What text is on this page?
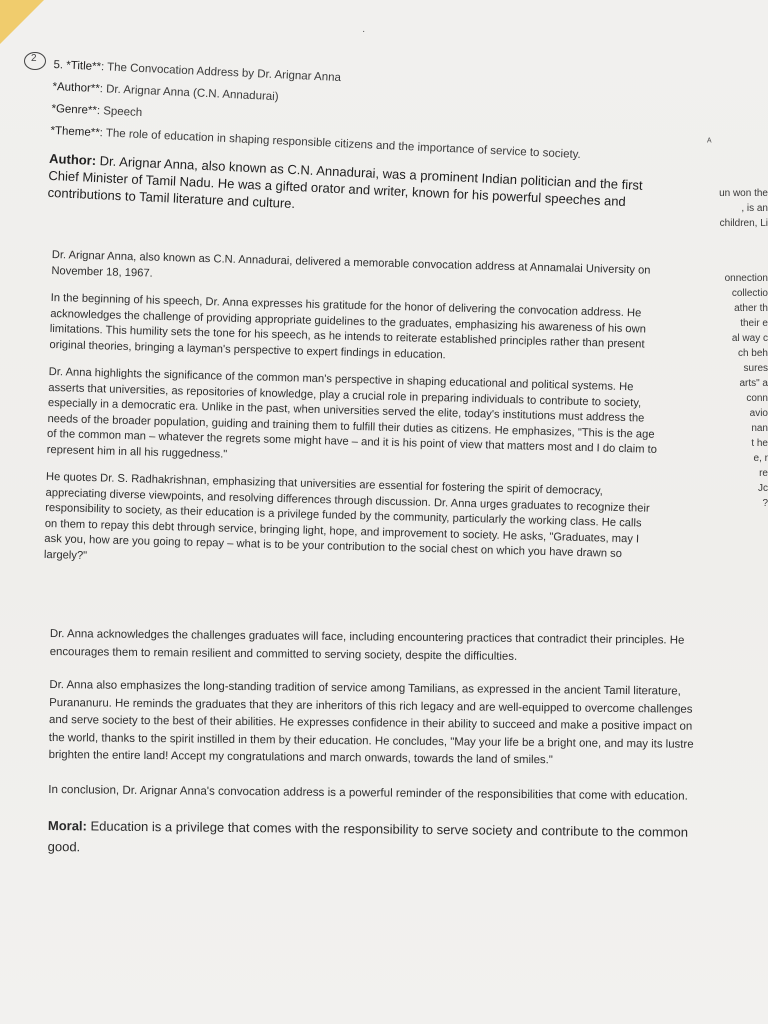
·
ᴬ
2

5. *Title**: The Convocation Address by Dr. Arignar Anna

*Author**: Dr. Arignar Anna (C.N. Annadurai)

*Genre**: Speech

*Theme**: The role of education in shaping responsible citizens and the importance of service to society.

Author: Dr. Arignar Anna, also known as C.N. Annadurai, was a prominent Indian politician and the first Chief Minister of Tamil Nadu. He was a gifted orator and writer, known for his powerful speeches and contributions to Tamil literature and culture.

Dr. Arignar Anna, also known as C.N. Annadurai, delivered a memorable convocation address at Annamalai University on November 18, 1967.

In the beginning of his speech, Dr. Anna expresses his gratitude for the honor of delivering the convocation address. He acknowledges the challenge of providing appropriate guidelines to the graduates, emphasizing his awareness of his own limitations. This humility sets the tone for his speech, as he intends to reiterate established principles rather than present original theories, bringing a layman's perspective to expert findings in education.

Dr. Anna highlights the significance of the common man's perspective in shaping educational and political systems. He asserts that universities, as repositories of knowledge, play a crucial role in preparing individuals to contribute to society, especially in a democratic era. Unlike in the past, when universities served the elite, today's institutions must address the needs of the broader population, guiding and training them to fulfill their duties as citizens. He emphasizes, "This is the age of the common man – whatever the regrets some might have – and it is his point of view that matters most and I do claim to represent him in all his ruggedness."

He quotes Dr. S. Radhakrishnan, emphasizing that universities are essential for fostering the spirit of democracy, appreciating diverse viewpoints, and resolving differences through discussion. Dr. Anna urges graduates to recognize their responsibility to society, as their education is a privilege funded by the community, particularly the working class. He calls on them to repay this debt through service, bringing light, hope, and improvement to society. He asks, "Graduates, may I ask you, how are you going to repay – what is to be your contribution to the social chest on which you have drawn so largely?"

Dr. Anna acknowledges the challenges graduates will face, including encountering practices that contradict their principles. He encourages them to remain resilient and committed to serving society, despite the difficulties.

Dr. Anna also emphasizes the long-standing tradition of service among Tamilians, as expressed in the ancient Tamil literature, Purananuru. He reminds the graduates that they are inheritors of this rich legacy and are well-equipped to overcome challenges and serve society to the best of their abilities. He expresses confidence in their ability to succeed and make a positive impact on the world, thanks to the spirit instilled in them by their education. He concludes, "May your life be a bright one, and may its lustre brighten the entire land! Accept my congratulations and march onwards, towards the land of smiles."

In conclusion, Dr. Arignar Anna's convocation address is a powerful reminder of the responsibilities that come with education.

Moral: Education is a privilege that comes with the responsibility to serve society and contribute to the common good.

un won the
, is an
children, Li
onnection
collectio
ather th
their e
al way c
ch beh
sures
arts" a
conn
avio
nan
t he
e, r
re
Jc
?
